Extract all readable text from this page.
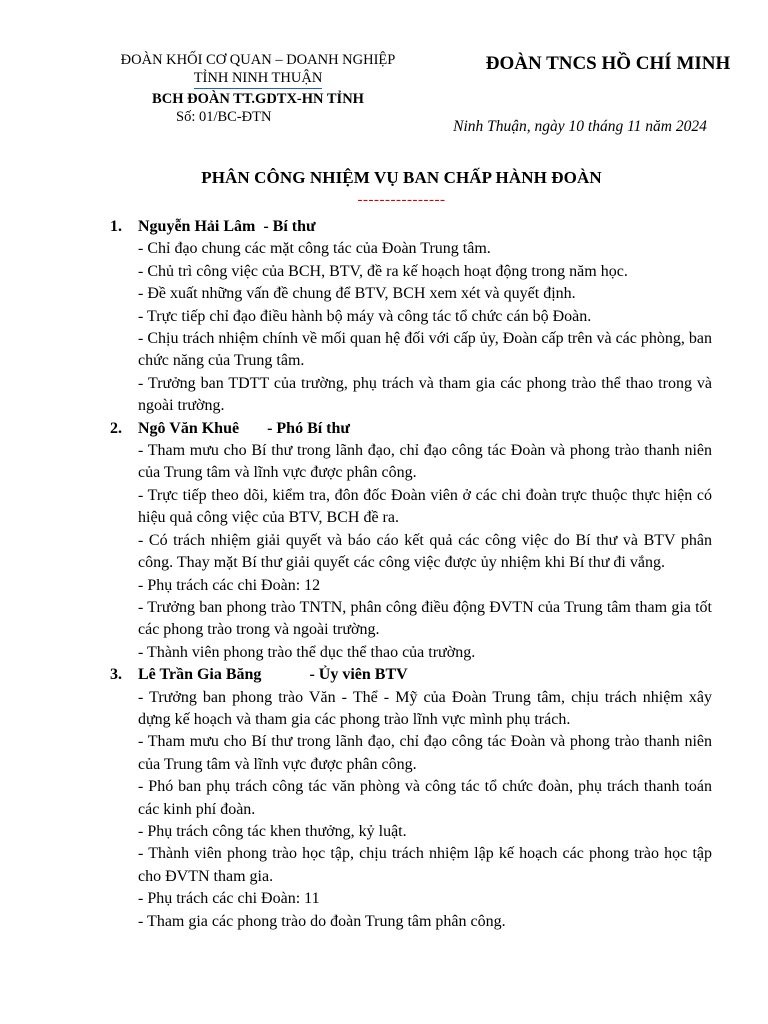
ĐOÀN KHỐI CƠ QUAN – DOANH NGHIỆP
TỈNH NINH THUẬN
BCH ĐOÀN TT.GDTX-HN TỈNH
Số: 01/BC-ĐTN
ĐOÀN TNCS HỒ CHÍ MINH
Ninh Thuận, ngày 10 tháng 11 năm 2024
PHÂN CÔNG NHIỆM VỤ BAN CHẤP HÀNH ĐOÀN
----------------
1. Nguyễn Hải Lâm - Bí thư
- Chỉ đạo chung các mặt công tác của Đoàn Trung tâm.
- Chủ trì công việc của BCH, BTV, đề ra kế hoạch hoạt động trong năm học.
- Đề xuất những vấn đề chung để BTV, BCH xem xét và quyết định.
- Trực tiếp chỉ đạo điều hành bộ máy và công tác tổ chức cán bộ Đoàn.
- Chịu trách nhiệm chính về mối quan hệ đối với cấp ủy, Đoàn cấp trên và các phòng, ban chức năng của Trung tâm.
- Trưởng ban TDTT của trường, phụ trách và tham gia các phong trào thể thao trong và ngoài trường.
2. Ngô Văn Khuê - Phó Bí thư
- Tham mưu cho Bí thư trong lãnh đạo, chỉ đạo công tác Đoàn và phong trào thanh niên của Trung tâm và lĩnh vực được phân công.
- Trực tiếp theo dõi, kiểm tra, đôn đốc Đoàn viên ở các chi đoàn trực thuộc thực hiện có hiệu quả công việc của BTV, BCH đề ra.
- Có trách nhiệm giải quyết và báo cáo kết quả các công việc do Bí thư và BTV phân công. Thay mặt Bí thư giải quyết các công việc được ủy nhiệm khi Bí thư đi vắng.
- Phụ trách các chi Đoàn: 12
- Trưởng ban phong trào TNTN, phân công điều động ĐVTN của Trung tâm tham gia tốt các phong trào trong và ngoài trường.
- Thành viên phong trào thể dục thể thao của trường.
3. Lê Trần Gia Băng	- Ủy viên BTV
- Trưởng ban phong trào Văn - Thể - Mỹ của Đoàn Trung tâm, chịu trách nhiệm xây dựng kế hoạch và tham gia các phong trào lĩnh vực mình phụ trách.
- Tham mưu cho Bí thư trong lãnh đạo, chỉ đạo công tác Đoàn và phong trào thanh niên của Trung tâm và lĩnh vực được phân công.
- Phó ban phụ trách công tác văn phòng và công tác tổ chức đoàn, phụ trách thanh toán các kinh phí đoàn.
- Phụ trách công tác khen thưởng, kỷ luật.
- Thành viên phong trào học tập, chịu trách nhiệm lập kế hoạch các phong trào học tập cho ĐVTN tham gia.
- Phụ trách các chi Đoàn: 11
- Tham gia các phong trào do đoàn Trung tâm phân công.
